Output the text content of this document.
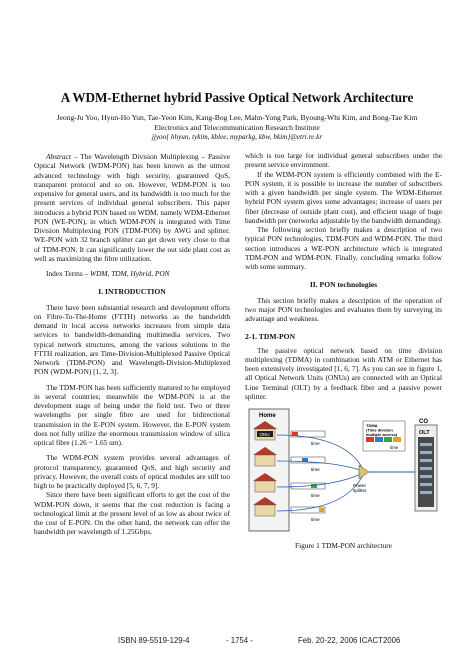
A WDM-Ethernet hybrid Passive Optical Network Architecture
Jeong-Ju Yoo, Hyun-Ho Yun, Tae-Yeon Kim, Kang-Bog Lee, Mahn-Yong Park, Byoung-Whi Kim, and Bong-Tae Kim
Electronics and Telecommunication Research Institute
jjyoo{ hhyun, tykim, kblee, myparkg, kbw, bkim}@etri.re.kr

Abstract – The Wavelength Division Multiplexing – Passive Optical Network (WDM-PON) has been known as the utmost advanced technology with high security, guaranteed QoS, transparent protocol and so on. However, WDM-PON is too expensive for general users, and its bandwidth is too much for the present services of individual general subscribers. This paper introduces a hybrid PON based on WDM, namely WDM-Ethernet PON (WE-PON), in which WDM-PON is integrated with Time Division Multiplexing PON (TDM-PON) by AWG and splitter. WE-PON with 32 branch splitter can get down very close to that of TDM-PON. It can significantly lower the out side plant cost as well as maximizing the fibre utilization.

Index Terms – WDM, TDM, Hybrid, PON

I. INTRODUCTION

There have been substantial research and development efforts on Fibre-To-The-Home (FTTH) networks as the bandwidth demand in local access networks increases from simple data services to bandwidth-demanding multimedia services. Two typical network structures, among the various solutions to the FTTH realization, are Time-Division-Multiplexed Passive Optical Network (TDM-PON) and Wavelength-Division-Multiplexed PON (WDM-PON) [1, 2, 3].

The TDM-PON has been sufficiently matured to be employed in several countries; meanwhile the WDM-PON is at the development stage of being under the field test. Two or three wavelengths per single fibre are used for bidirectional transmission in the E-PON system. However, the E-PON system does not fully utilize the enormous transmission window of silica optical fibre (1.26 ~ 1.65 um).

The WDM-PON system provides several advantages of protocol transparency, guaranteed QoS, and high security and privacy. However, the overall costs of optical modules are still too high to be practically deployed [5, 6, 7, 9].

Since there have been significant efforts to get the cost of the WDM-PON down, it seems that the cost reduction is facing a technological limit at the present level of as low as about twice of the cost of E-PON. On the other hand, the network can offer the bandwidth per wavelength of 1.25Gbps,

which is too large for individual general subscribers under the present service environment.

If the WDM-PON system is efficiently combined with the E-PON system, it is possible to increase the number of subscribers with a given bandwidth per single system. The WDM-Ethernet hybrid PON system gives some advantages; increase of users per fiber (decrease of outside plant cost), and efficient usage of huge bandwidth per (networks adjustable by the bandwidth demanding).

The following section briefly makes a description of two typical PON technologies, TDM-PON and WDM-PON. The third section introduces a WE-PON architecture which is integrated TDM-PON and WDM-PON. Finally, concluding remarks follow with some summary.

II. PON technologies

This section briefly makes a description of the operation of two major PON technologies and evaluates them by surveying its advantage and weakness.

2-1. TDM-PON

The passive optical network based on time division multiplexing (TDMA) in combination with ATM or Ethernet has been extensively investigated [1, 6, 7]. As you can see in figure 1, all Optical Network Units (ONUs) are connected with an Optical Line Terminal (OLT) by a feedback fiber and a passive power splitter.

Home
ONU
time
time
time
time
Power splitter
TDMA (Time division multiple access)
time
CO
OLT

Figure 1 TDM-PON architecture

ISBN 89-5519-129-4	- 1754 -	Feb. 20-22, 2006 ICACT2006
